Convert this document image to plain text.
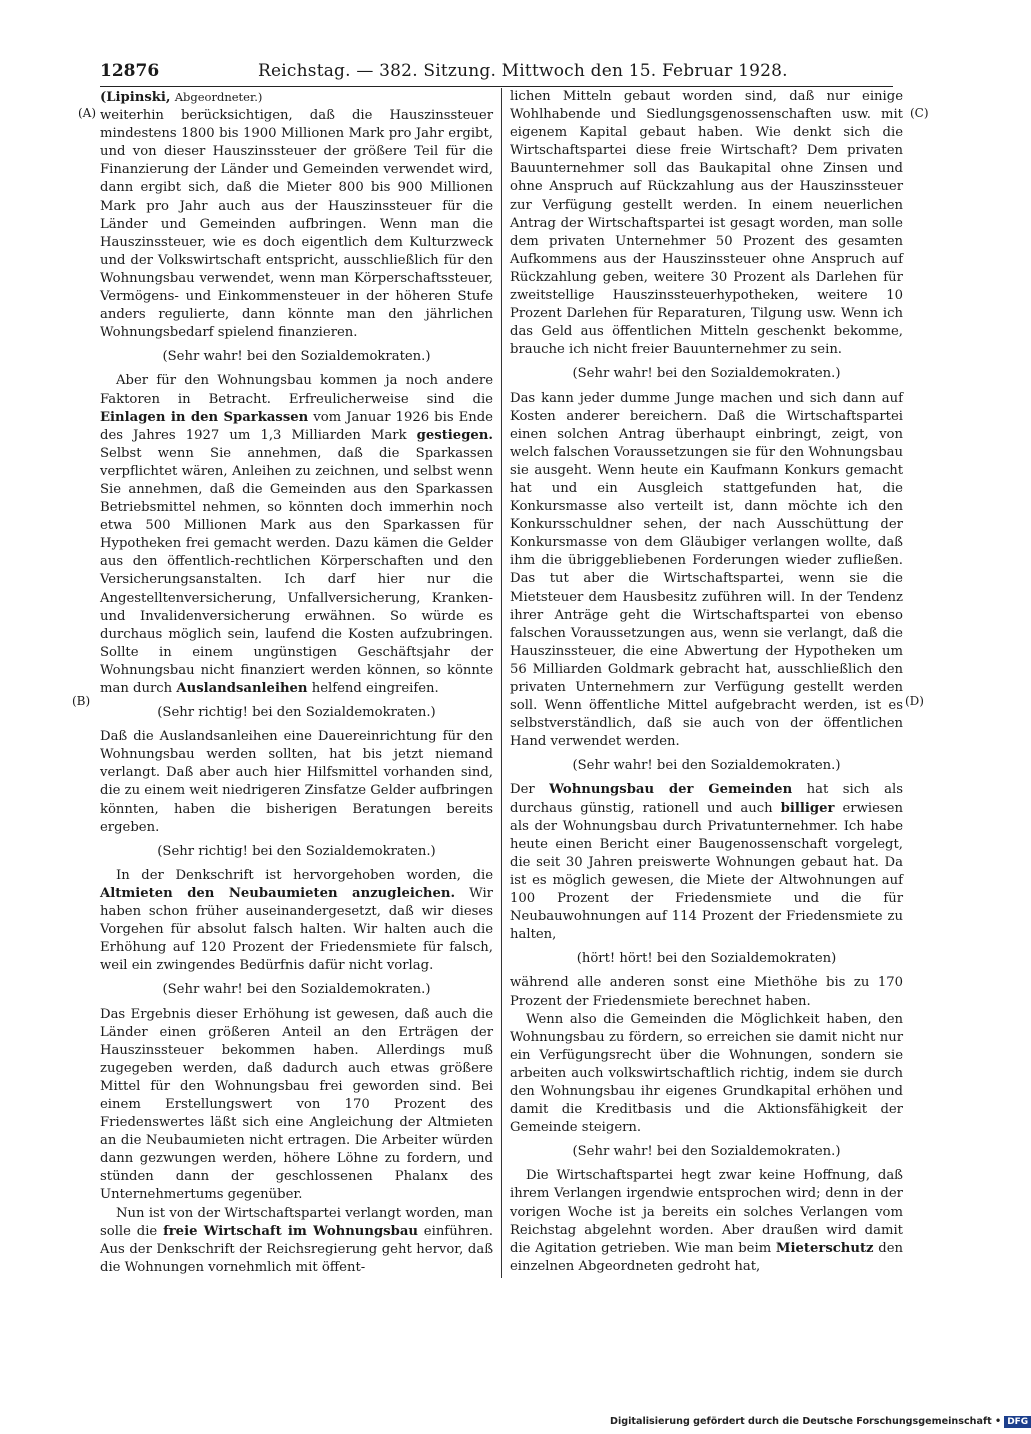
12876	Reichstag. — 382. Sitzung. Mittwoch den 15. Februar 1928.
(A)
(B)
(C)
(D)

(Lipinski, Abgeordneter.)

weiterhin berücksichtigen, daß die Hauszinssteuer mindestens 1800 bis 1900 Millionen Mark pro Jahr ergibt, und von dieser Hauszinssteuer der größere Teil für die Finanzierung der Länder und Gemeinden verwendet wird, dann ergibt sich, daß die Mieter 800 bis 900 Millionen Mark pro Jahr auch aus der Hauszinssteuer für die Länder und Gemeinden aufbringen. Wenn man die Hauszinssteuer, wie es doch eigentlich dem Kulturzweck und der Volkswirtschaft entspricht, ausschließlich für den Wohnungsbau verwendet, wenn man Körperschaftssteuer, Vermögens- und Einkommensteuer in der höheren Stufe anders regulierte, dann könnte man den jährlichen Wohnungsbedarf spielend finanzieren.

(Sehr wahr! bei den Sozialdemokraten.)

Aber für den Wohnungsbau kommen ja noch andere Faktoren in Betracht. Erfreulicherweise sind die Einlagen in den Sparkassen vom Januar 1926 bis Ende des Jahres 1927 um 1,3 Milliarden Mark gestiegen. Selbst wenn Sie annehmen, daß die Sparkassen verpflichtet wären, Anleihen zu zeichnen, und selbst wenn Sie annehmen, daß die Gemeinden aus den Sparkassen Betriebsmittel nehmen, so könnten doch immerhin noch etwa 500 Millionen Mark aus den Sparkassen für Hypotheken frei gemacht werden. Dazu kämen die Gelder aus den öffentlich-rechtlichen Körperschaften und den Versicherungsanstalten. Ich darf hier nur die Angestelltenversicherung, Unfallversicherung, Kranken- und Invalidenversicherung erwähnen. So würde es durchaus möglich sein, laufend die Kosten aufzubringen. Sollte in einem ungünstigen Geschäftsjahr der Wohnungsbau nicht finanziert werden können, so könnte man durch Auslandsanleihen helfend eingreifen.

(Sehr richtig! bei den Sozialdemokraten.)

Daß die Auslandsanleihen eine Dauereinrichtung für den Wohnungsbau werden sollten, hat bis jetzt niemand verlangt. Daß aber auch hier Hilfsmittel vorhanden sind, die zu einem weit niedrigeren Zinsfatze Gelder aufbringen könnten, haben die bisherigen Beratungen bereits ergeben.

(Sehr richtig! bei den Sozialdemokraten.)

In der Denkschrift ist hervorgehoben worden, die Altmieten den Neubaumieten anzugleichen. Wir haben schon früher auseinandergesetzt, daß wir dieses Vorgehen für absolut falsch halten. Wir halten auch die Erhöhung auf 120 Prozent der Friedensmiete für falsch, weil ein zwingendes Bedürfnis dafür nicht vorlag.

(Sehr wahr! bei den Sozialdemokraten.)

Das Ergebnis dieser Erhöhung ist gewesen, daß auch die Länder einen größeren Anteil an den Erträgen der Hauszinssteuer bekommen haben. Allerdings muß zugegeben werden, daß dadurch auch etwas größere Mittel für den Wohnungsbau frei geworden sind. Bei einem Erstellungswert von 170 Prozent des Friedenswertes läßt sich eine Angleichung der Altmieten an die Neubaumieten nicht ertragen. Die Arbeiter würden dann gezwungen werden, höhere Löhne zu fordern, und stünden dann der geschlossenen Phalanx des Unternehmertums gegenüber.

Nun ist von der Wirtschaftspartei verlangt worden, man solle die freie Wirtschaft im Wohnungsbau einführen. Aus der Denkschrift der Reichsregierung geht hervor, daß die Wohnungen vornehmlich mit öffent-

lichen Mitteln gebaut worden sind, daß nur einige Wohlhabende und Siedlungsgenossenschaften usw. mit eigenem Kapital gebaut haben. Wie denkt sich die Wirtschaftspartei diese freie Wirtschaft? Dem privaten Bauunternehmer soll das Baukapital ohne Zinsen und ohne Anspruch auf Rückzahlung aus der Hauszinssteuer zur Verfügung gestellt werden. In einem neuerlichen Antrag der Wirtschaftspartei ist gesagt worden, man solle dem privaten Unternehmer 50 Prozent des gesamten Aufkommens aus der Hauszinssteuer ohne Anspruch auf Rückzahlung geben, weitere 30 Prozent als Darlehen für zweitstellige Hauszinssteuerhypotheken, weitere 10 Prozent Darlehen für Reparaturen, Tilgung usw. Wenn ich das Geld aus öffentlichen Mitteln geschenkt bekomme, brauche ich nicht freier Bauunternehmer zu sein.

(Sehr wahr! bei den Sozialdemokraten.)

Das kann jeder dumme Junge machen und sich dann auf Kosten anderer bereichern. Daß die Wirtschaftspartei einen solchen Antrag überhaupt einbringt, zeigt, von welch falschen Voraussetzungen sie für den Wohnungsbau sie ausgeht. Wenn heute ein Kaufmann Konkurs gemacht hat und ein Ausgleich stattgefunden hat, die Konkursmasse also verteilt ist, dann möchte ich den Konkursschuldner sehen, der nach Ausschüttung der Konkursmasse von dem Gläubiger verlangen wollte, daß ihm die übriggebliebenen Forderungen wieder zufließen. Das tut aber die Wirtschaftspartei, wenn sie die Mietsteuer dem Hausbesitz zuführen will. In der Tendenz ihrer Anträge geht die Wirtschaftspartei von ebenso falschen Voraussetzungen aus, wenn sie verlangt, daß die Hauszinssteuer, die eine Abwertung der Hypotheken um 56 Milliarden Goldmark gebracht hat, ausschließlich den privaten Unternehmern zur Verfügung gestellt werden soll. Wenn öffentliche Mittel aufgebracht werden, ist es selbstverständlich, daß sie auch von der öffentlichen Hand verwendet werden.

(Sehr wahr! bei den Sozialdemokraten.)

Der Wohnungsbau der Gemeinden hat sich als durchaus günstig, rationell und auch billiger erwiesen als der Wohnungsbau durch Privatunternehmer. Ich habe heute einen Bericht einer Baugenossenschaft vorgelegt, die seit 30 Jahren preiswerte Wohnungen gebaut hat. Da ist es möglich gewesen, die Miete der Altwohnungen auf 100 Prozent der Friedensmiete und die für Neubauwohnungen auf 114 Prozent der Friedensmiete zu halten,

(hört! hört! bei den Sozialdemokraten)

während alle anderen sonst eine Miethöhe bis zu 170 Prozent der Friedensmiete berechnet haben.

Wenn also die Gemeinden die Möglichkeit haben, den Wohnungsbau zu fördern, so erreichen sie damit nicht nur ein Verfügungsrecht über die Wohnungen, sondern sie arbeiten auch volkswirtschaftlich richtig, indem sie durch den Wohnungsbau ihr eigenes Grundkapital erhöhen und damit die Kreditbasis und die Aktionsfähigkeit der Gemeinde steigern.

(Sehr wahr! bei den Sozialdemokraten.)

Die Wirtschaftspartei hegt zwar keine Hoffnung, daß ihrem Verlangen irgendwie entsprochen wird; denn in der vorigen Woche ist ja bereits ein solches Verlangen vom Reichstag abgelehnt worden. Aber draußen wird damit die Agitation getrieben. Wie man beim Mieterschutz den einzelnen Abgeordneten gedroht hat,

Digitalisierung gefördert durch die Deutsche Forschungsgemeinschaft • DFG
